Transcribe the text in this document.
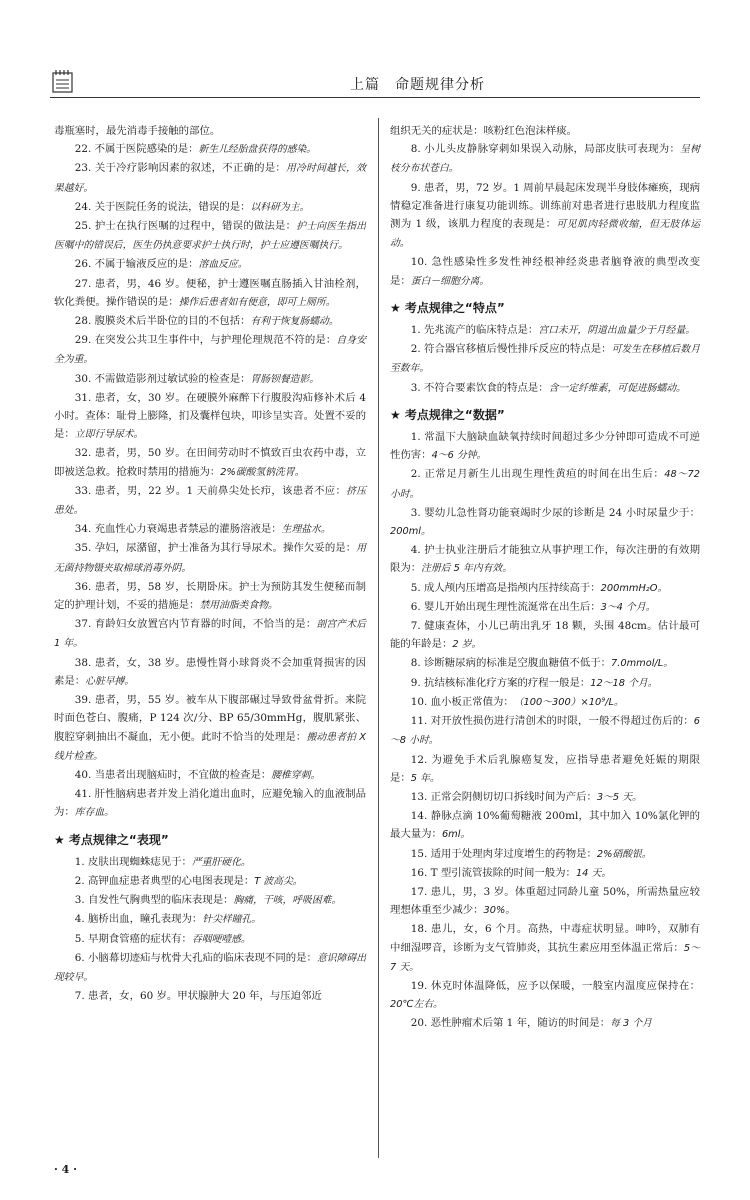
上篇　命题规律分析

毒瓶塞时，最先消毒手接触的部位。

22. 不属于医院感染的是：新生儿经胎盘获得的感染。

23. 关于冷疗影响因素的叙述，不正确的是：用冷时间越长，效果越好。

24. 关于医院任务的说法，错误的是：以科研为主。

25. 护士在执行医嘱的过程中，错误的做法是：护士向医生指出医嘱中的错误后，医生仍执意要求护士执行时，护士应遵医嘱执行。

26. 不属于输液反应的是：溶血反应。

27. 患者，男，46 岁。便秘，护士遵医嘱直肠插入甘油栓剂，软化粪便。操作错误的是：操作后患者如有便意，即可上厕所。

28. 腹膜炎术后半卧位的目的不包括：有利于恢复肠蠕动。

29. 在突发公共卫生事件中，与护理伦理规范不符的是：自身安全为重。

30. 不需做造影剂过敏试验的检查是：胃肠钡餐造影。

31. 患者，女，30 岁。在硬膜外麻醉下行腹股沟疝修补术后 4 小时。查体：耻骨上膨隆，扪及囊样包块，叩诊呈实音。处置不妥的是：立即行导尿术。

32. 患者，男，50 岁。在田间劳动时不慎致百虫农药中毒，立即被送急救。抢救时禁用的措施为：2%碳酸氢钠洗胃。

33. 患者，男，22 岁。1 天前鼻尖处长疖，该患者不应：挤压患处。

34. 充血性心力衰竭患者禁忌的灌肠溶液是：生理盐水。

35. 孕妇，尿潴留，护士准备为其行导尿术。操作欠妥的是：用无菌持物镊夹取棉球消毒外阴。

36. 患者，男，58 岁，长期卧床。护士为预防其发生便秘而制定的护理计划，不妥的措施是：禁用油脂类食物。

37. 育龄妇女放置宫内节育器的时间，不恰当的是：剖宫产术后 1 年。

38. 患者，女，38 岁。患慢性肾小球肾炎不会加重肾损害的因素是：心脏早搏。

39. 患者，男，55 岁。被车从下腹部碾过导致骨盆骨折。来院时面色苍白、腹痛，P 124 次/分、BP 65/30mmHg，腹肌紧张、腹腔穿刺抽出不凝血，无小便。此时不恰当的处理是：搬动患者拍 X 线片检查。

40. 当患者出现脑疝时，不宜做的检查是：腰椎穿刺。

41. 肝性脑病患者并发上消化道出血时，应避免输入的血液制品为：库存血。

★ 考点规律之“表现”

1. 皮肤出现蜘蛛痣见于：严重肝硬化。

2. 高钾血症患者典型的心电图表现是：T 波高尖。

3. 自发性气胸典型的临床表现是：胸痛，干咳，呼吸困难。

4. 脑桥出血，瞳孔表现为：针尖样瞳孔。

5. 早期食管癌的症状有：吞咽哽噎感。

6. 小脑幕切迹疝与枕骨大孔疝的临床表现不同的是：意识障碍出现较早。

7. 患者，女，60 岁。甲状腺肿大 20 年，与压迫邻近

组织无关的症状是：咳粉红色泡沫样痰。

8. 小儿头皮静脉穿刺如果误入动脉，局部皮肤可表现为：呈树枝分布状苍白。

9. 患者，男，72 岁。1 周前早晨起床发现半身肢体瘫痪，现病情稳定准备进行康复功能训练。训练前对患者进行患肢肌力程度监测为 1 级，该肌力程度的表现是：可见肌肉轻微收缩，但无肢体运动。

10. 急性感染性多发性神经根神经炎患者脑脊液的典型改变是：蛋白－细胞分离。

★ 考点规律之“特点”

1. 先兆流产的临床特点是：宫口未开，阴道出血量少于月经量。

2. 符合器官移植后慢性排斥反应的特点是：可发生在移植后数月至数年。

3. 不符合要素饮食的特点是：含一定纤维素，可促进肠蠕动。

★ 考点规律之“数据”

1. 常温下大脑缺血缺氧持续时间超过多少分钟即可造成不可逆性伤害：4～6 分钟。

2. 正常足月新生儿出现生理性黄疸的时间在出生后：48～72 小时。

3. 婴幼儿急性肾功能衰竭时少尿的诊断是 24 小时尿量少于：200ml。

4. 护士执业注册后才能独立从事护理工作，每次注册的有效期限为：注册后 5 年内有效。

5. 成人颅内压增高是指颅内压持续高于：200mmH₂O。

6. 婴儿开始出现生理性流涎常在出生后：3～4 个月。

7. 健康查体，小儿已萌出乳牙 18 颗，头围 48cm。估计最可能的年龄是：2 岁。

8. 诊断糖尿病的标准是空腹血糖值不低于：7.0mmol/L。

9. 抗结核标准化疗方案的疗程一般是：12～18 个月。

10. 血小板正常值为：（100～300）×10⁹/L。

11. 对开放性损伤进行清创术的时限，一般不得超过伤后的：6～8 小时。

12. 为避免手术后乳腺癌复发，应指导患者避免妊娠的期限是：5 年。

13. 正常会阴侧切切口拆线时间为产后：3～5 天。

14. 静脉点滴 10%葡萄糖液 200ml，其中加入 10%氯化钾的最大量为：6ml。

15. 适用于处理肉芽过度增生的药物是：2%硝酸银。

16. T 型引流管拔除的时间一般为：14 天。

17. 患儿，男，3 岁。体重超过同龄儿童 50%，所需热量应较理想体重至少减少：30%。

18. 患儿，女，6 个月。高热，中毒症状明显。呻吟，双肺有中细湿啰音，诊断为支气管肺炎，其抗生素应用至体温正常后：5～7 天。

19. 休克时体温降低，应予以保暖，一般室内温度应保持在：20℃左右。

20. 恶性肿瘤术后第 1 年，随访的时间是：每 3 个月

· 4 ·
